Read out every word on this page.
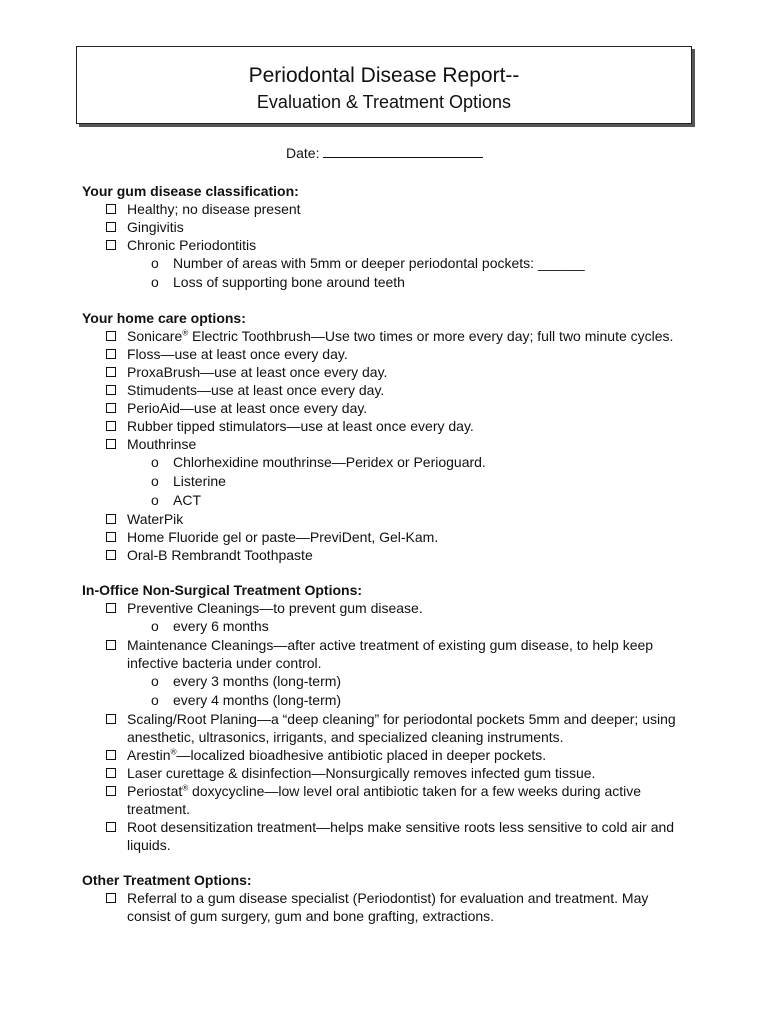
Periodontal Disease Report--
Evaluation & Treatment Options
Date:
Your gum disease classification:
Healthy; no disease present
Gingivitis
Chronic Periodontitis
o Number of areas with 5mm or deeper periodontal pockets: ______
o Loss of supporting bone around teeth
Your home care options:
Sonicare® Electric Toothbrush—Use two times or more every day; full two minute cycles.
Floss—use at least once every day.
ProxaBrush—use at least once every day.
Stimudents—use at least once every day.
PerioAid—use at least once every day.
Rubber tipped stimulators—use at least once every day.
Mouthrinse
o Chlorhexidine mouthrinse—Peridex or Perioguard.
o Listerine
o ACT
WaterPik
Home Fluoride gel or paste—PreviDent, Gel-Kam.
Oral-B Rembrandt Toothpaste
In-Office Non-Surgical Treatment Options:
Preventive Cleanings—to prevent gum disease.
o every 6 months
Maintenance Cleanings—after active treatment of existing gum disease, to help keep infective bacteria under control.
o every 3 months (long-term)
o every 4 months (long-term)
Scaling/Root Planing—a “deep cleaning” for periodontal pockets 5mm and deeper; using anesthetic, ultrasonics, irrigants, and specialized cleaning instruments.
Arestin®—localized bioadhesive antibiotic placed in deeper pockets.
Laser curettage & disinfection—Nonsurgically removes infected gum tissue.
Periostat® doxycycline—low level oral antibiotic taken for a few weeks during active treatment.
Root desensitization treatment—helps make sensitive roots less sensitive to cold air and liquids.
Other Treatment Options:
Referral to a gum disease specialist (Periodontist) for evaluation and treatment. May consist of gum surgery, gum and bone grafting, extractions.
